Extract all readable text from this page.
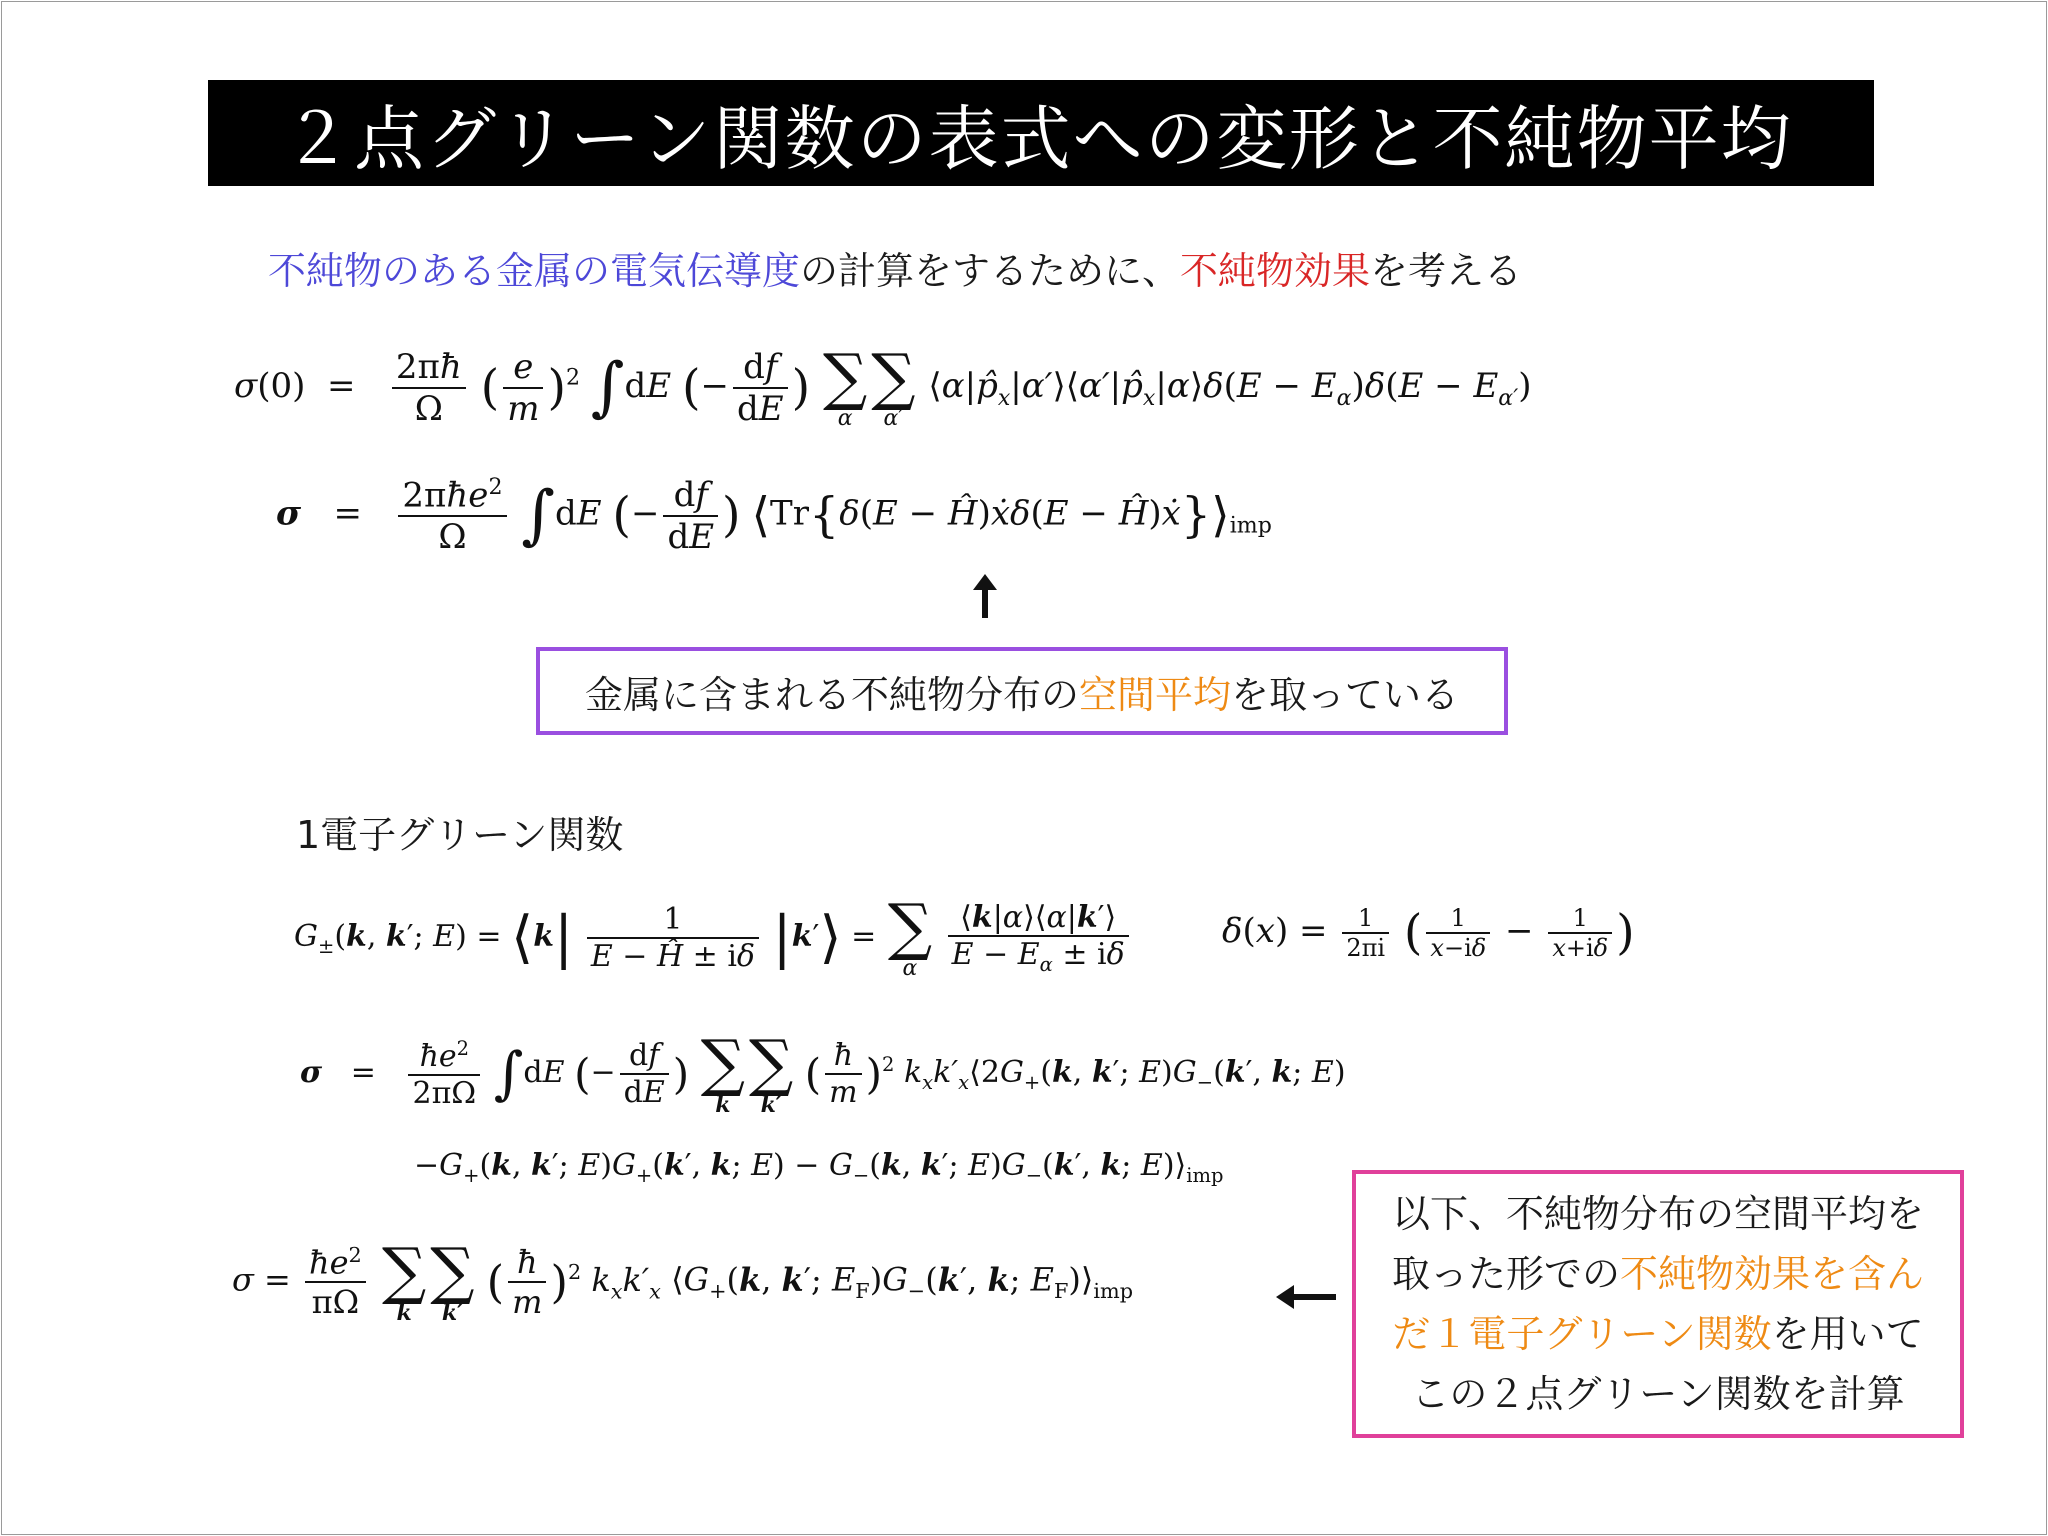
２点グリーン関数の表式への変形と不純物平均
不純物のある金属の電気伝導度の計算をするために、不純物効果を考える
$\sigma(0) = \frac{2\pi ħ}{\Omega}$ ( $\frac{e}{m} )^2$ ∫dE (− $\frac{df}{dE}$ ) ∑
α
∑
α′
$⟨\alpha|p̂_x|\alpha'⟩⟨\alpha'|p̂_x|\alpha⟩\delta(E - E_\alpha)\delta(E - E_{\alpha'})$
$\sigma = \frac{2\pi ħe^2}{\Omega} \int dE$ (− $\frac{df}{dE}$ ) ⟨Tr{δ(E − Ĥ)ẋδ(E − $Ĥ)ẋ\}⟩_{imp}$
金属に含まれる不純物分布の 空間平均 を取っている
1電子グリーン関数
$G_\pm(k$, k′; E) = ⟨k| $\frac{1}{E - Ĥ \pm i\delta}$ |k′⟩ = ∑
α
	$\frac{⟨k|\alpha⟩⟨\alpha|k'⟩}{E - E_\alpha \pm i\delta}$	$\delta(x) = \frac{1}{2\pi i}$ ( $\frac{1}{x-i\delta} - \frac{1}{x+i\delta}$ )
$\sigma = \frac{ħe^2}{2\pi\Omega} \int dE$ (− $\frac{df}{dE}$ ) ∑
k
∑
k′
( $\frac{ħ}{m} )^2$ $k_xk'_x⟨2G_+(k$, k′; $E)G_-(k'$, k; E)
$-G_+(k$, k′; $E)G_+(k'$, k; $E) - G_-(k$, k′; $E)G_-(k'$, k; $E)⟩_{imp}$
$\sigma = \frac{ħe^2}{\pi\Omega}$
∑
k
∑
k′
( $\frac{ħ}{m} )^2$ $k_xk'_x$ $⟨G_+(k$, k′; $E_F)G_-(k'$, k; $E_F)⟩_{imp}$
以下、不純物分布の空間平均を
取った形での不純物効果を含ん
だ１電子グリーン関数を用いて
この２点グリーン関数を計算
